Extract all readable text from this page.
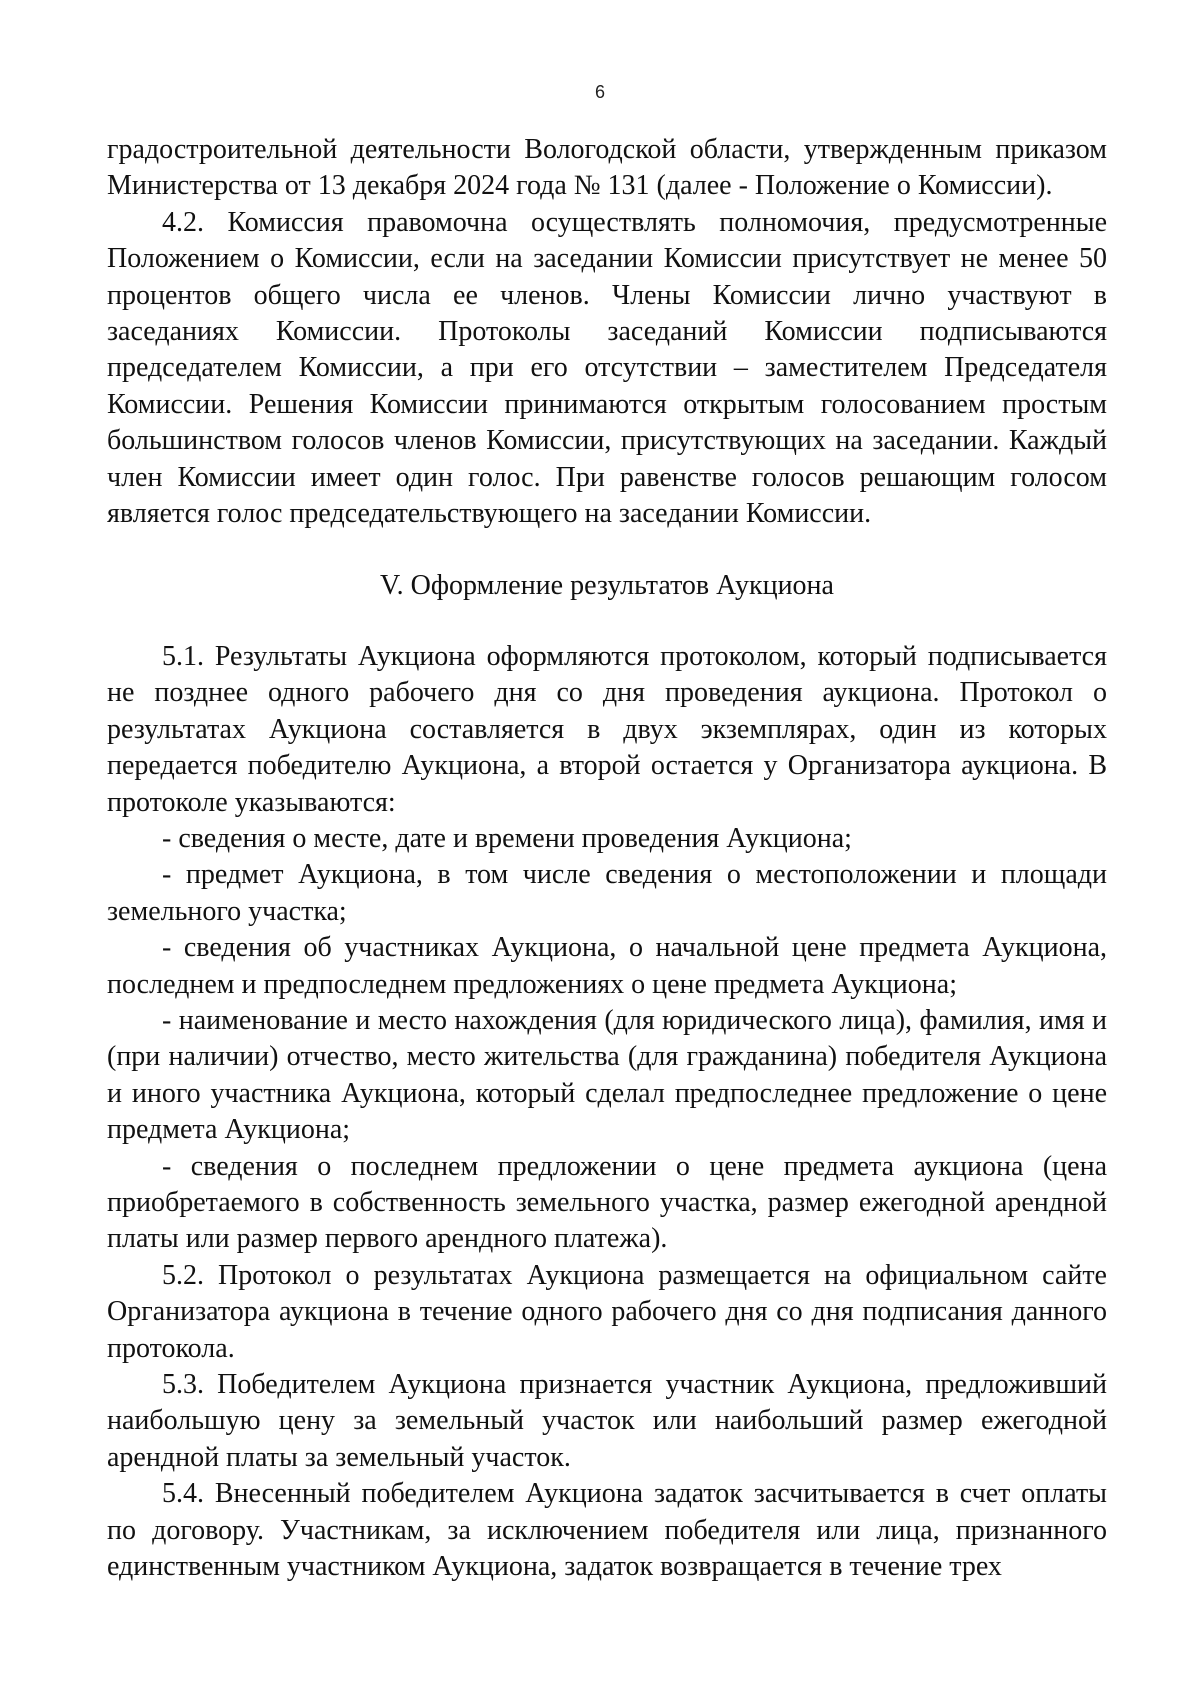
6

градостроительной деятельности Вологодской области, утвержденным приказом Министерства от 13 декабря 2024 года № 131 (далее - Положение о Комиссии).

4.2. Комиссия правомочна осуществлять полномочия, предусмотренные Положением о Комиссии, если на заседании Комиссии присутствует не менее 50 процентов общего числа ее членов. Члены Комиссии лично участвуют в заседаниях Комиссии. Протоколы заседаний Комиссии подписываются председателем Комиссии, а при его отсутствии – заместителем Председателя Комиссии. Решения Комиссии принимаются открытым голосованием простым большинством голосов членов Комиссии, присутствующих на заседании. Каждый член Комиссии имеет один голос. При равенстве голосов решающим голосом является голос председательствующего на заседании Комиссии.

V. Оформление результатов Аукциона

5.1. Результаты Аукциона оформляются протоколом, который подписывается не позднее одного рабочего дня со дня проведения аукциона. Протокол о результатах Аукциона составляется в двух экземплярах, один из которых передается победителю Аукциона, а второй остается у Организатора аукциона. В протоколе указываются:

- сведения о месте, дате и времени проведения Аукциона;

- предмет Аукциона, в том числе сведения о местоположении и площади земельного участка;

- сведения об участниках Аукциона, о начальной цене предмета Аукциона, последнем и предпоследнем предложениях о цене предмета Аукциона;

- наименование и место нахождения (для юридического лица), фамилия, имя и (при наличии) отчество, место жительства (для гражданина) победителя Аукциона и иного участника Аукциона, который сделал предпоследнее предложение о цене предмета Аукциона;

- сведения о последнем предложении о цене предмета аукциона (цена приобретаемого в собственность земельного участка, размер ежегодной арендной платы или размер первого арендного платежа).

5.2. Протокол о результатах Аукциона размещается на официальном сайте Организатора аукциона в течение одного рабочего дня со дня подписания данного протокола.

5.3. Победителем Аукциона признается участник Аукциона, предложивший наибольшую цену за земельный участок или наибольший размер ежегодной арендной платы за земельный участок.

5.4. Внесенный победителем Аукциона задаток засчитывается в счет оплаты по договору. Участникам, за исключением победителя или лица, признанного единственным участником Аукциона, задаток возвращается в течение трех
